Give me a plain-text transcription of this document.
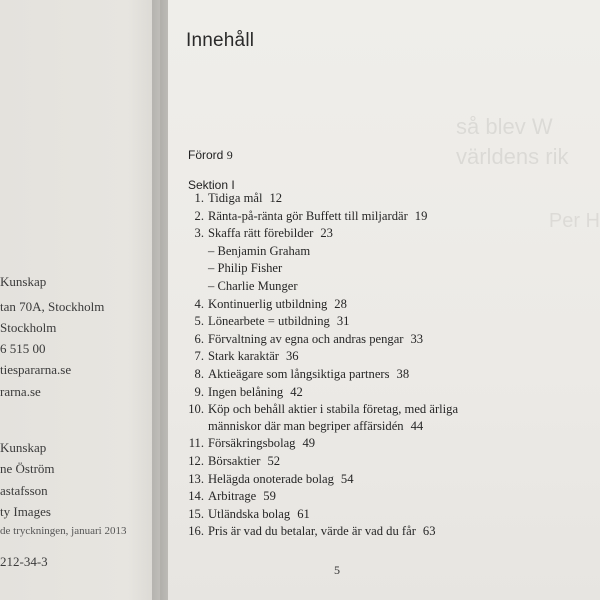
Kunskap
tan 70A, Stockholm
Stockholm
6 515 00
tiespararna.se
rarna.se
Kunskap
ne Öström
astafsson
ty Images
de tryckningen, januari 2013
212-34-3
så blev W
världens rik
Per H
Innehåll
Förord 9
Sektion I
1. Tidiga mål 12
2. Ränta-på-ränta gör Buffett till miljardär 19
3. Skaffa rätt förebilder 23
– Benjamin Graham
– Philip Fisher
– Charlie Munger
4. Kontinuerlig utbildning 28
5. Lönearbete = utbildning 31
6. Förvaltning av egna och andras pengar 33
7. Stark karaktär 36
8. Aktieägare som långsiktiga partners 38
9. Ingen belåning 42
10. Köp och behåll aktier i stabila företag, med ärliga
människor där man begriper affärsidén 44
11. Försäkringsbolag 49
12. Börsaktier 52
13. Helägda onoterade bolag 54
14. Arbitrage 59
15. Utländska bolag 61
16. Pris är vad du betalar, värde är vad du får 63
5
